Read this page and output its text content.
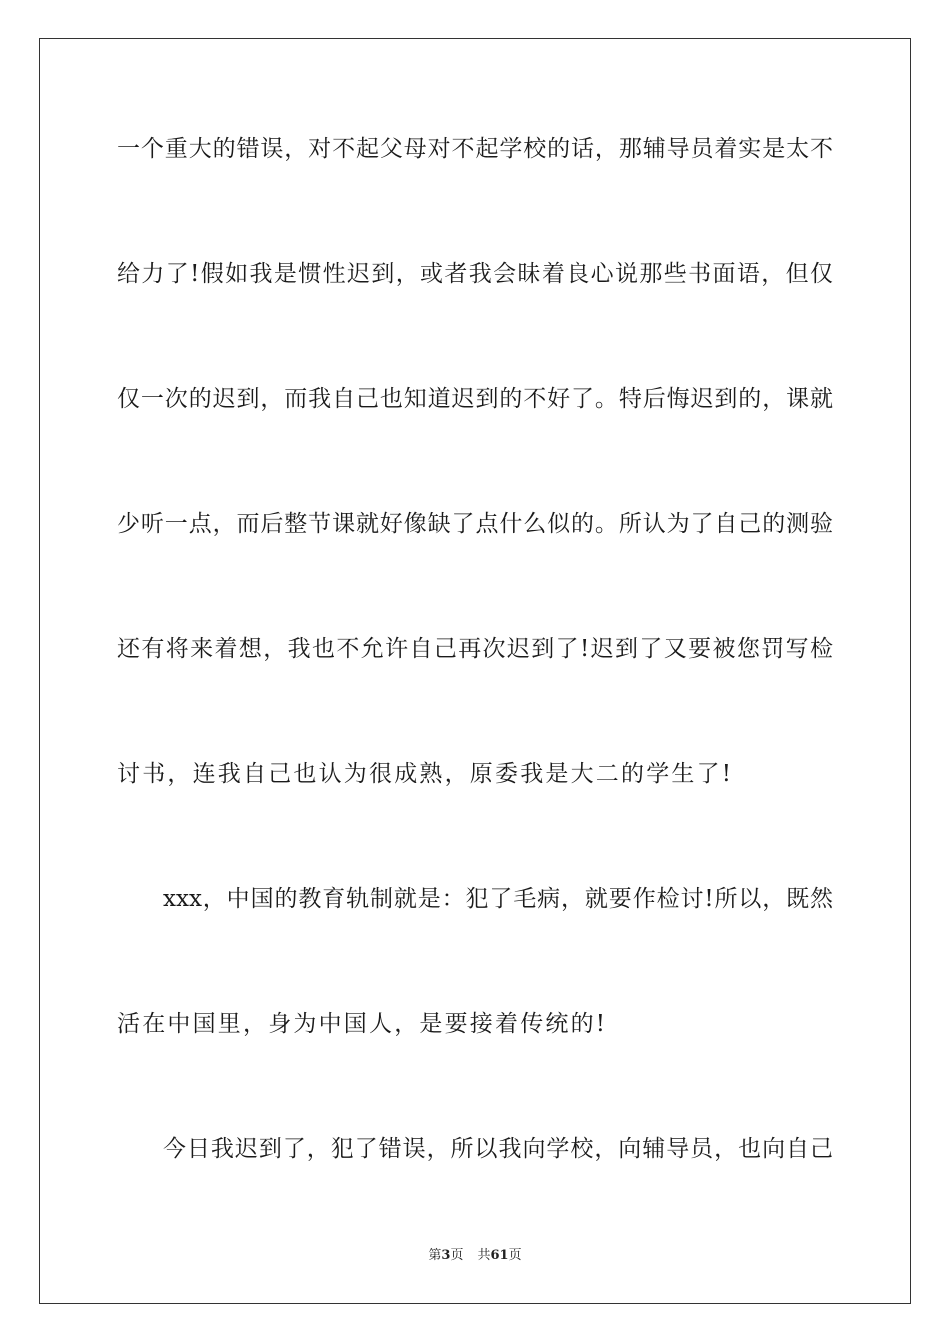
一个重大的错误，对不起父母对不起学校的话，那辅导员着实是太不
给力了!假如我是惯性迟到，或者我会昧着良心说那些书面语，但仅
仅一次的迟到，而我自己也知道迟到的不好了。特后悔迟到的，课就
少听一点，而后整节课就好像缺了点什么似的。所认为了自己的测验
还有将来着想，我也不允许自己再次迟到了!迟到了又要被您罚写检
讨书，连我自己也认为很成熟，原委我是大二的学生了!
xxx，中国的教育轨制就是：犯了毛病，就要作检讨!所以，既然
活在中国里，身为中国人，是要接着传统的!
今日我迟到了，犯了错误，所以我向学校，向辅导员，也向自己
第3页 共61页
